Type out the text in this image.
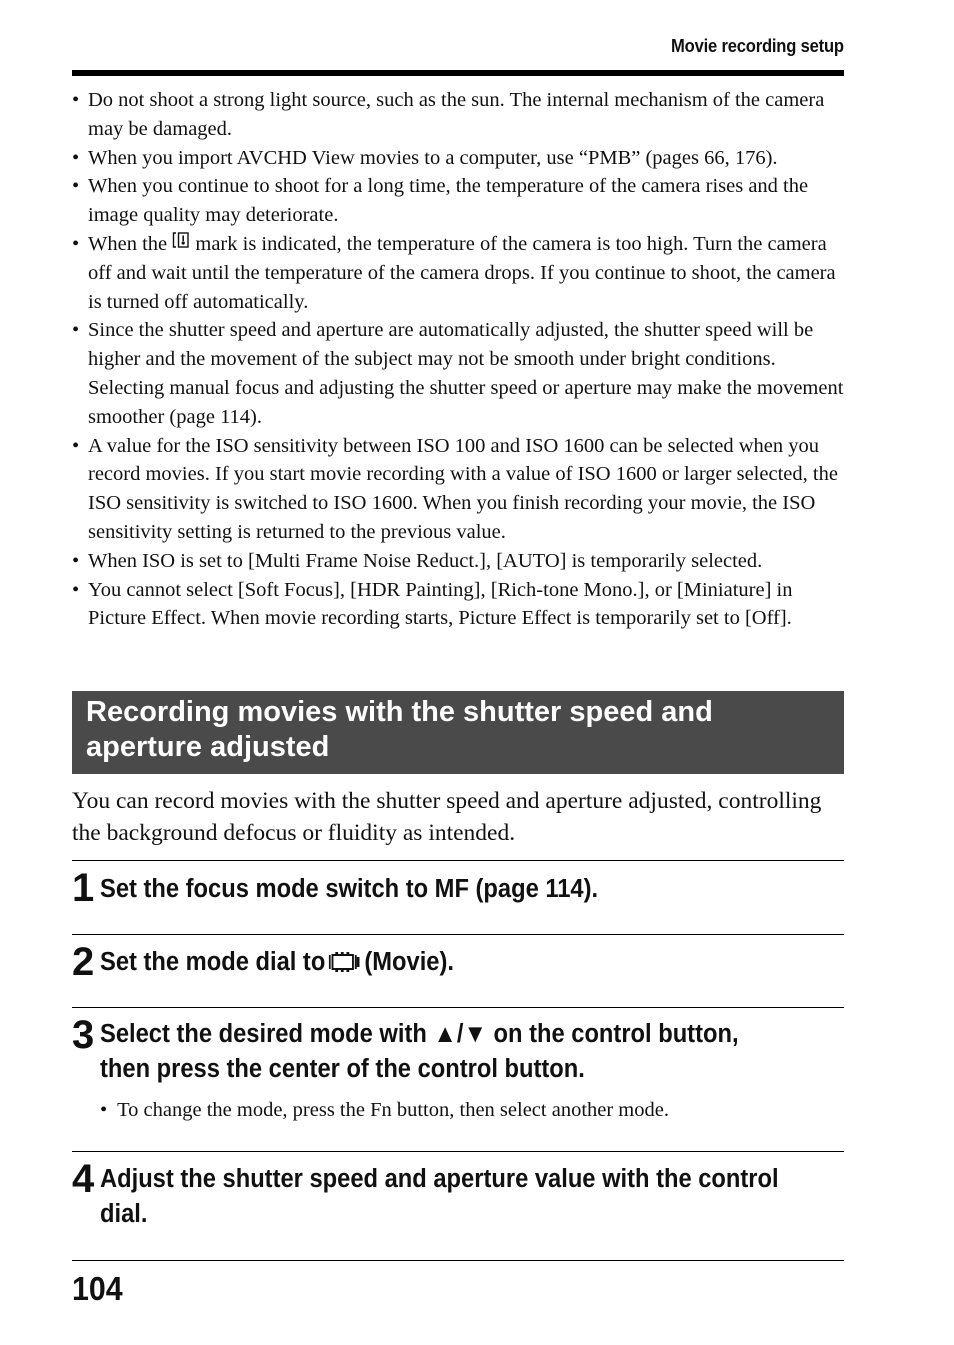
Movie recording setup
• Do not shoot a strong light source, such as the sun. The internal mechanism of the camera may be damaged.
• When you import AVCHD View movies to a computer, use “PMB” (pages 66, 176).
• When you continue to shoot for a long time, the temperature of the camera rises and the image quality may deteriorate.
• When the mark is indicated, the temperature of the camera is too high. Turn the camera off and wait until the temperature of the camera drops. If you continue to shoot, the camera is turned off automatically.
• Since the shutter speed and aperture are automatically adjusted, the shutter speed will be higher and the movement of the subject may not be smooth under bright conditions. Selecting manual focus and adjusting the shutter speed or aperture may make the movement smoother (page 114).
• A value for the ISO sensitivity between ISO 100 and ISO 1600 can be selected when you record movies. If you start movie recording with a value of ISO 1600 or larger selected, the ISO sensitivity is switched to ISO 1600. When you finish recording your movie, the ISO sensitivity setting is returned to the previous value.
• When ISO is set to [Multi Frame Noise Reduct.], [AUTO] is temporarily selected.
• You cannot select [Soft Focus], [HDR Painting], [Rich-tone Mono.], or [Miniature] in Picture Effect. When movie recording starts, Picture Effect is temporarily set to [Off].
Recording movies with the shutter speed and aperture adjusted
You can record movies with the shutter speed and aperture adjusted, controlling the background defocus or fluidity as intended.
1 Set the focus mode switch to MF (page 114).
2 Set the mode dial to (Movie).
3 Select the desired mode with ▲/▼ on the control button, then press the center of the control button.
•  To change the mode, press the Fn button, then select another mode.
4 Adjust the shutter speed and aperture value with the control dial.
104
